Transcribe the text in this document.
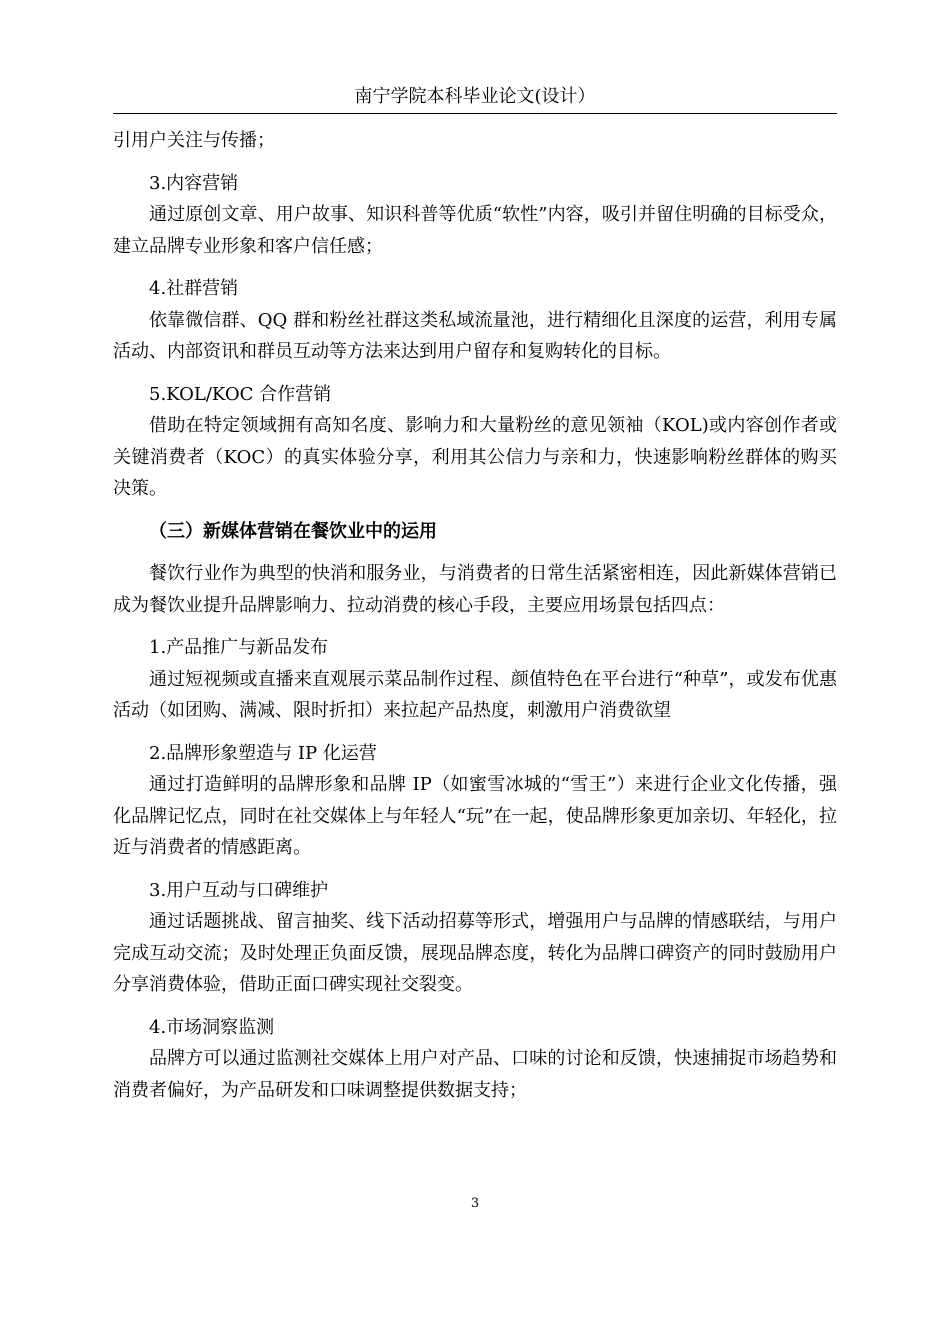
南宁学院本科毕业论文(设计）

引用户关注与传播；

3.内容营销

通过原创文章、用户故事、知识科普等优质“软性”内容，吸引并留住明确的目标受众，建立品牌专业形象和客户信任感；

4.社群营销

依靠微信群、QQ 群和粉丝社群这类私域流量池，进行精细化且深度的运营，利用专属活动、内部资讯和群员互动等方法来达到用户留存和复购转化的目标。

5.KOL/KOC 合作营销

借助在特定领域拥有高知名度、影响力和大量粉丝的意见领袖（KOL)或内容创作者或关键消费者（KOC）的真实体验分享，利用其公信力与亲和力，快速影响粉丝群体的购买决策。

（三）新媒体营销在餐饮业中的运用

餐饮行业作为典型的快消和服务业，与消费者的日常生活紧密相连，因此新媒体营销已成为餐饮业提升品牌影响力、拉动消费的核心手段，主要应用场景包括四点：

1.产品推广与新品发布

通过短视频或直播来直观展示菜品制作过程、颜值特色在平台进行“种草”，或发布优惠活动（如团购、满减、限时折扣）来拉起产品热度，刺激用户消费欲望

2.品牌形象塑造与 IP 化运营

通过打造鲜明的品牌形象和品牌 IP（如蜜雪冰城的“雪王”）来进行企业文化传播，强化品牌记忆点，同时在社交媒体上与年轻人“玩”在一起，使品牌形象更加亲切、年轻化，拉近与消费者的情感距离。

3.用户互动与口碑维护

通过话题挑战、留言抽奖、线下活动招募等形式，增强用户与品牌的情感联结，与用户完成互动交流；及时处理正负面反馈，展现品牌态度，转化为品牌口碑资产的同时鼓励用户分享消费体验，借助正面口碑实现社交裂变。

4.市场洞察监测

品牌方可以通过监测社交媒体上用户对产品、口味的讨论和反馈，快速捕捉市场趋势和消费者偏好，为产品研发和口味调整提供数据支持；

3
